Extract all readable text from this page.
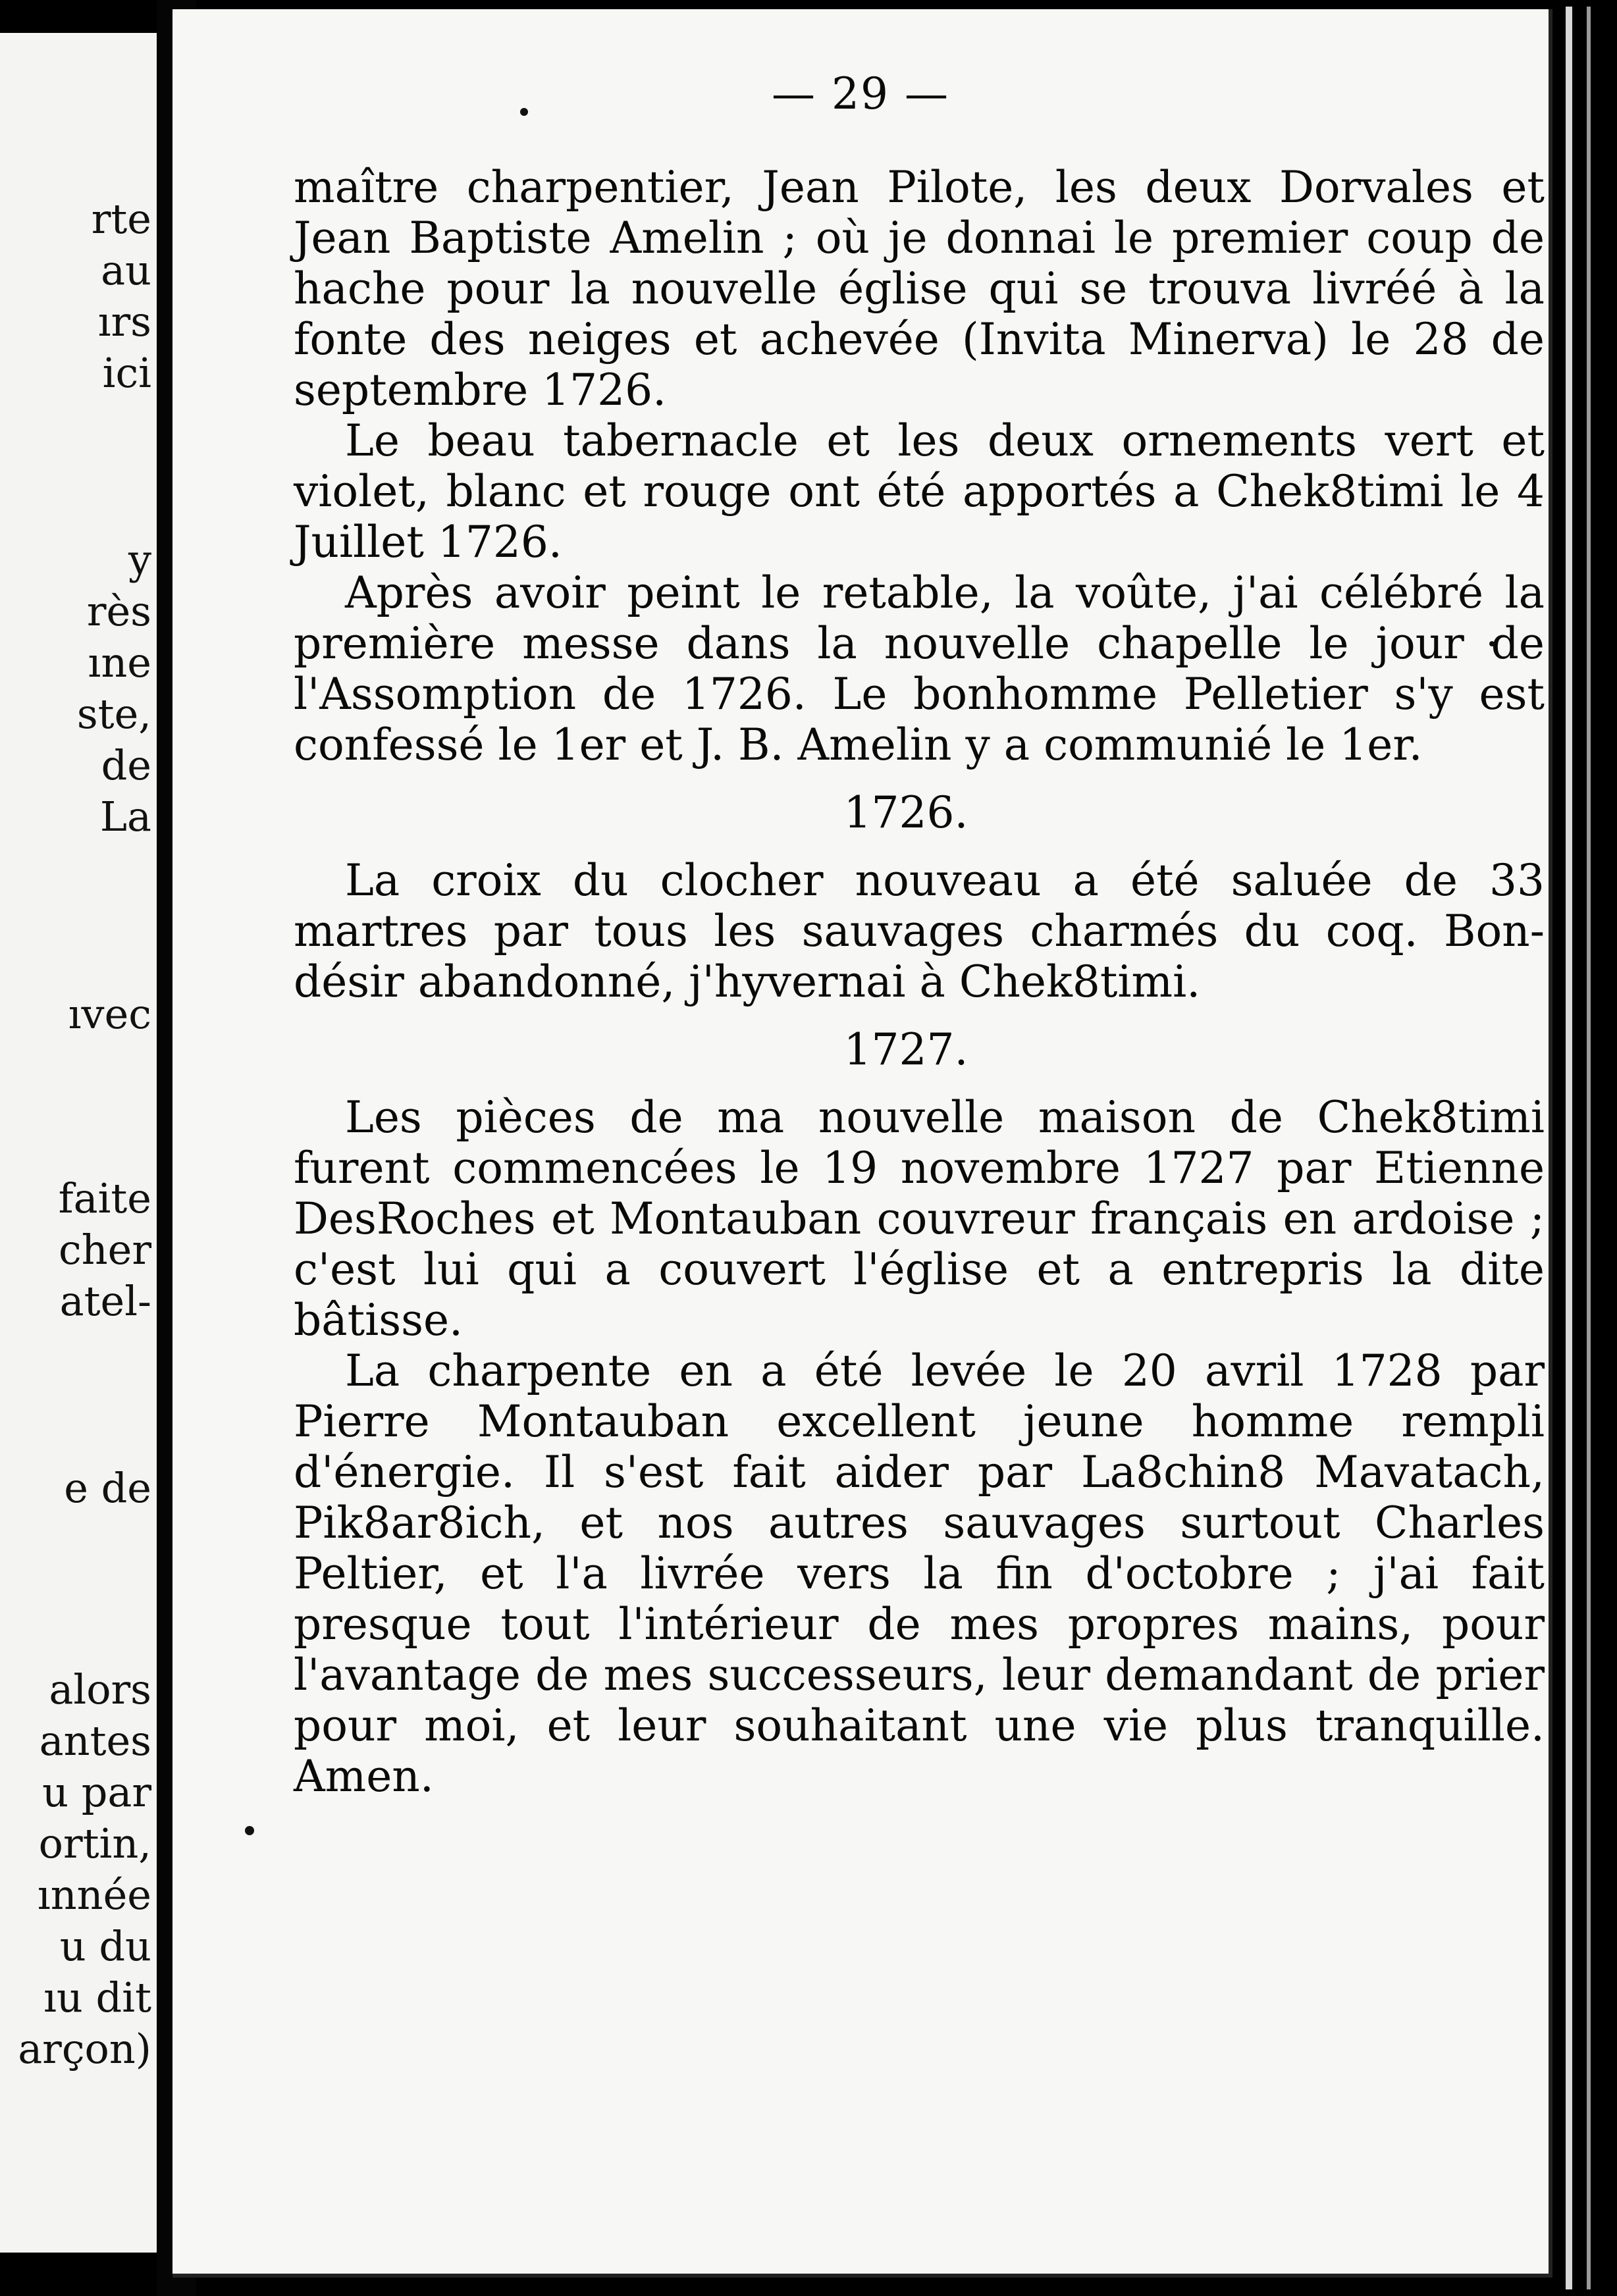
rte
au
ırs
ici
y
rès
ıne
ste,
de
La
ıvec
faite
cher
atel-
e de
alors
antes
u par
ortin,
ınnée
u du
ıu dit
arçon)
— 29 —

maître charpentier, Jean Pilote, les deux Dorvales et Jean Baptiste Amelin ; où je donnai le premier coup de hache pour la nouvelle église qui se trouva livréé à la fonte des neiges et achevée (Invita Minerva) le 28 de septembre 1726.

Le beau tabernacle et les deux ornements vert et violet, blanc et rouge ont été apportés a Chek8timi le 4 Juillet 1726.

Après avoir peint le retable, la voûte, j'ai célébré la première messe dans la nouvelle chapelle le jour de l'Assomption de 1726. Le bonhomme Pelletier s'y est confessé le 1er et J. B. Amelin y a communié le 1er.

1726.

La croix du clocher nouveau a été saluée de 33 martres par tous les sauvages charmés du coq. Bon-désir abandonné, j'hyvernai à Chek8timi.

1727.

Les pièces de ma nouvelle maison de Chek8timi furent commencées le 19 novembre 1727 par Etienne DesRoches et Montauban couvreur français en ardoise ; c'est lui qui a couvert l'église et a entrepris la dite bâtisse.

La charpente en a été levée le 20 avril 1728 par Pierre Montauban excellent jeune homme rempli d'énergie. Il s'est fait aider par La8chin8 Mavatach, Pik8ar8ich, et nos autres sauvages surtout Charles Peltier, et l'a livrée vers la fin d'octobre ; j'ai fait presque tout l'intérieur de mes propres mains, pour l'avantage de mes successeurs, leur demandant de prier pour moi, et leur souhaitant une vie plus tranquille. Amen.
